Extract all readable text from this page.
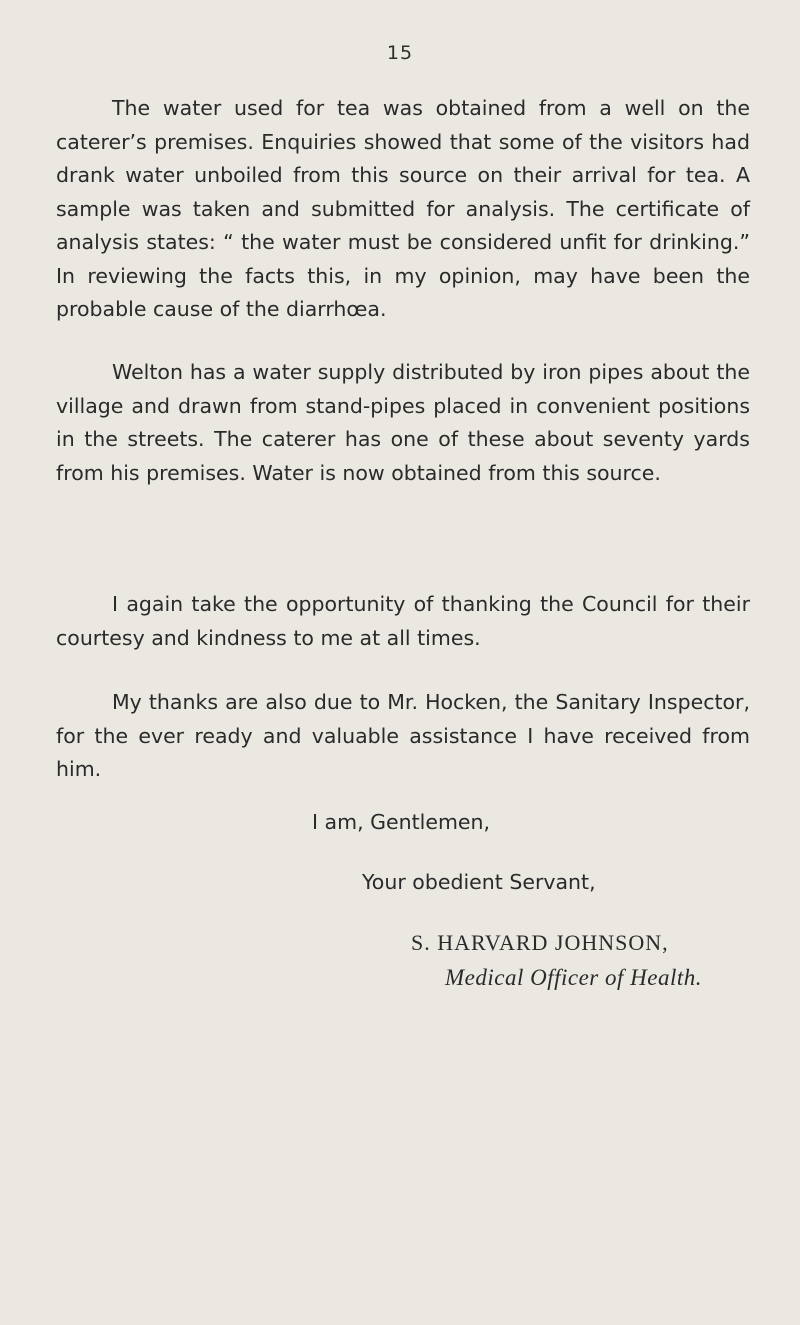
15

The water used for tea was obtained from a well on the caterer’s premises. Enquiries showed that some of the visitors had drank water unboiled from this source on their arrival for tea. A sample was taken and submitted for analysis. The certificate of analysis states: “ the water must be considered unfit for drinking.” In reviewing the facts this, in my opinion, may have been the probable cause of the diarrhœa.

Welton has a water supply distributed by iron pipes about the village and drawn from stand-pipes placed in convenient positions in the streets. The caterer has one of these about seventy yards from his premises. Water is now obtained from this source.

I again take the opportunity of thanking the Council for their courtesy and kindness to me at all times.

My thanks are also due to Mr. Hocken, the Sanitary Inspector, for the ever ready and valuable assistance I have received from him.

I am, Gentlemen,
Your obedient Servant,
S. HARVARD JOHNSON,
Medical Officer of Health.
